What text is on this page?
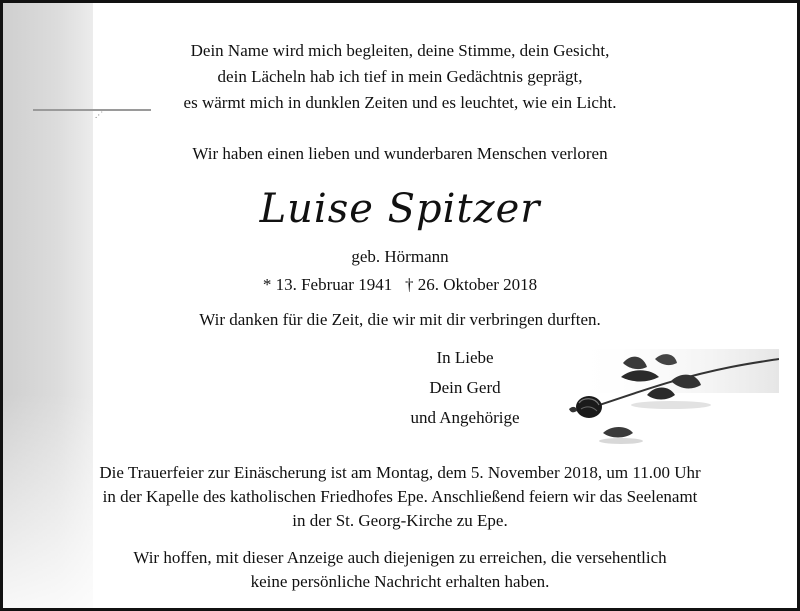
.·˙
Dein Name wird mich begleiten, deine Stimme, dein Gesicht,
dein Lächeln hab ich tief in mein Gedächtnis geprägt,
es wärmt mich in dunklen Zeiten und es leuchtet, wie ein Licht.
Wir haben einen lieben und wunderbaren Menschen verloren
Luise Spitzer
geb. Hörmann
* 13. Februar 1941   † 26. Oktober 2018
Wir danken für die Zeit, die wir mit dir verbringen durften.
In Liebe
Dein Gerd
und Angehörige
Die Trauerfeier zur Einäscherung ist am Montag, dem 5. November 2018, um 11.00 Uhr
in der Kapelle des katholischen Friedhofes Epe. Anschließend feiern wir das Seelenamt
in der St. Georg-Kirche zu Epe.
Wir hoffen, mit dieser Anzeige auch diejenigen zu erreichen, die versehentlich
keine persönliche Nachricht erhalten haben.
